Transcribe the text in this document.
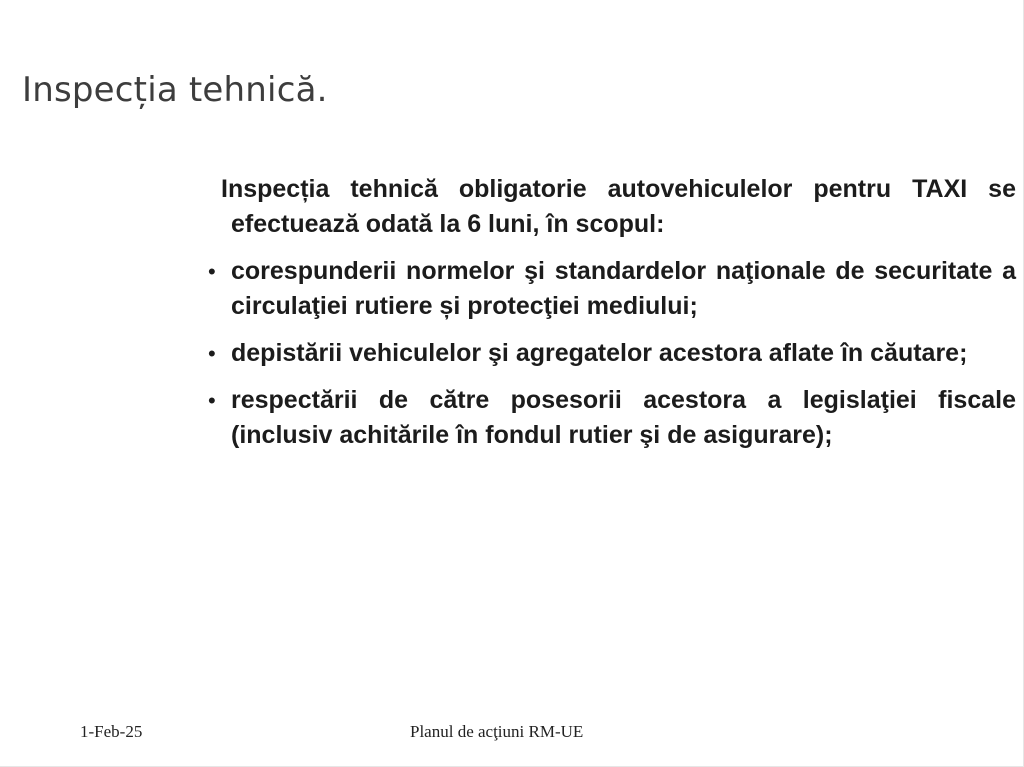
Inspecția tehnică.

Inspecția tehnică obligatorie autovehiculelor pentru TAXI se efectuează odată la 6 luni, în scopul:

• corespunderii normelor şi standardelor naţionale de securitate a circulaţiei rutiere și protecţiei mediului;

• depistării vehiculelor şi agregatelor acestora aflate în căutare;

• respectării de către posesorii acestora a legislaţiei fiscale (inclusiv achitările în fondul rutier şi de asigurare);

1-Feb-25	Planul de acţiuni RM-UE
